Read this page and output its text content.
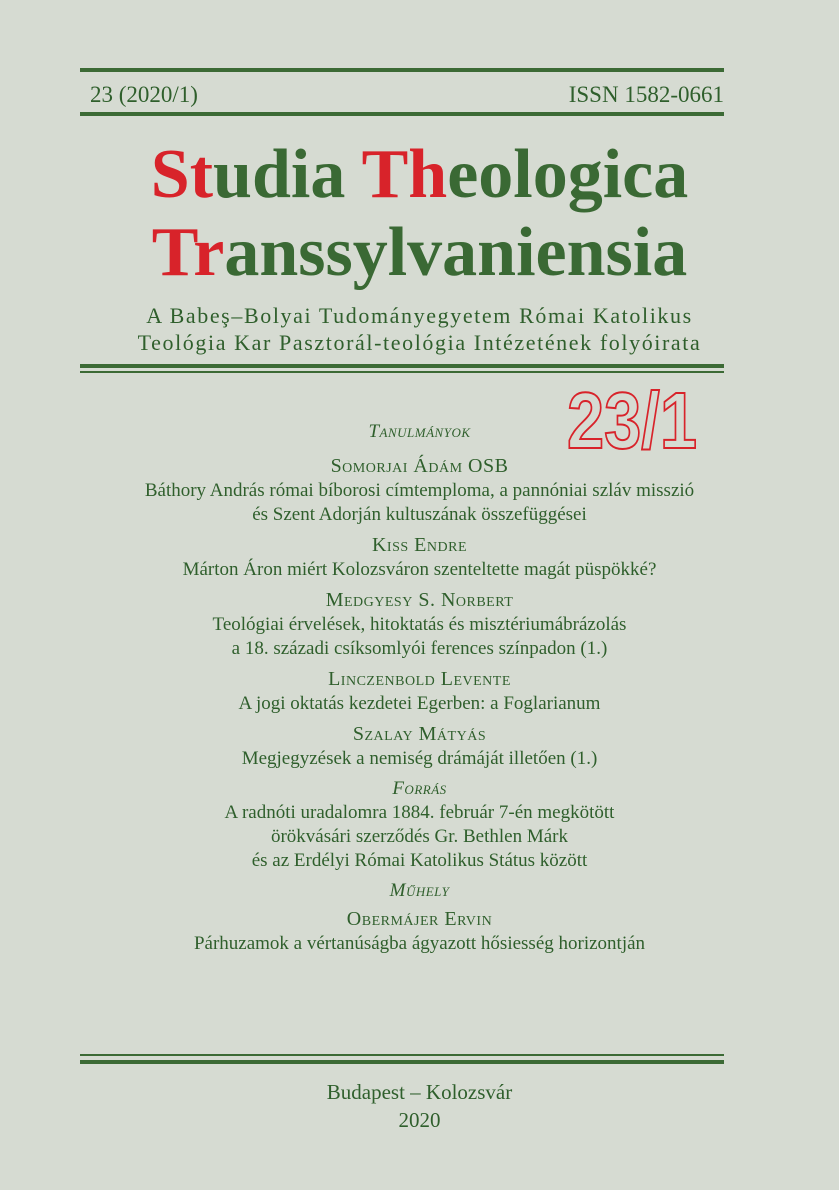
23 (2020/1)	ISSN 1582-0661
Studia Theologica
Transsylvaniensia
A Babeş–Bolyai Tudományegyetem Római Katolikus
Teológia Kar Pasztorál-teológia Intézetének folyóirata
23/1
Tanulmányok
Somorjai Ádám OSB
Báthory András római bíborosi címtemploma, a pannóniai szláv misszió
és Szent Adorján kultuszának összefüggései
Kiss Endre
Márton Áron miért Kolozsváron szenteltette magát püspökké?
Medgyesy S. Norbert
Teológiai érvelések, hitoktatás és misztériumábrázolás
a 18. századi csíksomlyói ferences színpadon (1.)
Linczenbold Levente
A jogi oktatás kezdetei Egerben: a Foglarianum
Szalay Mátyás
Megjegyzések a nemiség drámáját illetően (1.)
Forrás
A radnóti uradalomra 1884. február 7-én megkötött
örökvásári szerződés Gr. Bethlen Márk
és az Erdélyi Római Katolikus Státus között
Műhely
Obermájer Ervin
Párhuzamok a vértanúságba ágyazott hősiesség horizontján
Budapest – Kolozsvár
2020
